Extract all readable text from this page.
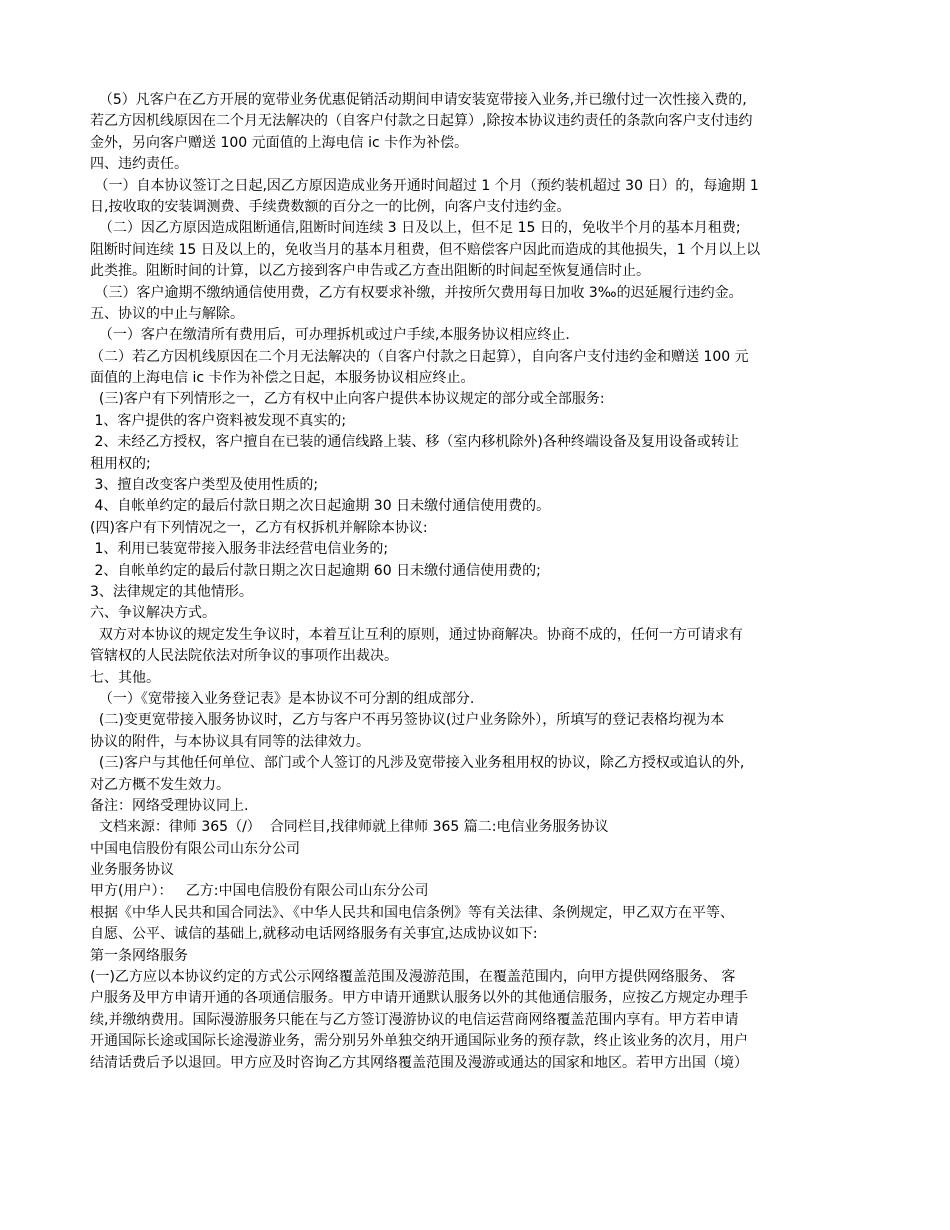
（5）凡客户在乙方开展的宽带业务优惠促销活动期间申请安装宽带接入业务,并已缴付过一次性接入费的,
若乙方因机线原因在二个月无法解决的（自客户付款之日起算）,除按本协议违约责任的条款向客户支付违约
金外，另向客户赠送 100 元面值的上海电信 ic 卡作为补偿。
四、违约责任。
（一）自本协议签订之日起,因乙方原因造成业务开通时间超过 1 个月（预约装机超过 30 日）的，每逾期 1
日,按收取的安装调测费、手续费数额的百分之一的比例，向客户支付违约金。
（二）因乙方原因造成阻断通信,阻断时间连续 3 日及以上，但不足 15 日的，免收半个月的基本月租费;
阻断时间连续 15 日及以上的，免收当月的基本月租费，但不赔偿客户因此而造成的其他损失，1 个月以上以
此类推。阻断时间的计算，以乙方接到客户申告或乙方查出阻断的时间起至恢复通信时止。
（三）客户逾期不缴纳通信使用费，乙方有权要求补缴，并按所欠费用每日加收 3‰的迟延履行违约金。
五、协议的中止与解除。
（一）客户在缴清所有费用后，可办理拆机或过户手续,本服务协议相应终止.
（二）若乙方因机线原因在二个月无法解决的（自客户付款之日起算），自向客户支付违约金和赠送 100 元
面值的上海电信 ic 卡作为补偿之日起，本服务协议相应终止。
(三)客户有下列情形之一，乙方有权中止向客户提供本协议规定的部分或全部服务:
1、客户提供的客户资料被发现不真实的;
2、未经乙方授权，客户擅自在已装的通信线路上装、移（室内移机除外)各种终端设备及复用设备或转让
租用权的;
3、擅自改变客户类型及使用性质的;
4、自帐单约定的最后付款日期之次日起逾期 30 日未缴付通信使用费的。
(四)客户有下列情况之一，乙方有权拆机并解除本协议:
1、利用已装宽带接入服务非法经营电信业务的;
2、自帐单约定的最后付款日期之次日起逾期 60 日未缴付通信使用费的;
3、法律规定的其他情形。
六、争议解决方式。
双方对本协议的规定发生争议时，本着互让互利的原则，通过协商解决。协商不成的，任何一方可请求有
管辖权的人民法院依法对所争议的事项作出裁决。
七、其他。
（一）《宽带接入业务登记表》是本协议不可分割的组成部分.
(二)变更宽带接入服务协议时，乙方与客户不再另签协议(过户业务除外），所填写的登记表格均视为本
协议的附件，与本协议具有同等的法律效力。
(三)客户与其他任何单位、部门或个人签订的凡涉及宽带接入业务租用权的协议，除乙方授权或追认的外,
对乙方概不发生效力。
备注：网络受理协议同上.
文档来源：律师 365（/）  合同栏目,找律师就上律师 365 篇二:电信业务服务协议
中国电信股份有限公司山东分公司
业务服务协议
甲方(用户）：   乙方:中国电信股份有限公司山东分公司
根据《中华人民共和国合同法》、《中华人民共和国电信条例》等有关法律、条例规定，甲乙双方在平等、
自愿、公平、诚信的基础上,就移动电话网络服务有关事宜,达成协议如下:
第一条网络服务
(一)乙方应以本协议约定的方式公示网络覆盖范围及漫游范围，在覆盖范围内，向甲方提供网络服务、 客
户服务及甲方申请开通的各项通信服务。甲方申请开通默认服务以外的其他通信服务，应按乙方规定办理手
续,并缴纳费用。国际漫游服务只能在与乙方签订漫游协议的电信运营商网络覆盖范围内享有。甲方若申请
开通国际长途或国际长途漫游业务，需分别另外单独交纳开通国际业务的预存款，终止该业务的次月，用户
结清话费后予以退回。甲方应及时咨询乙方其网络覆盖范围及漫游或通达的国家和地区。若甲方出国（境）
